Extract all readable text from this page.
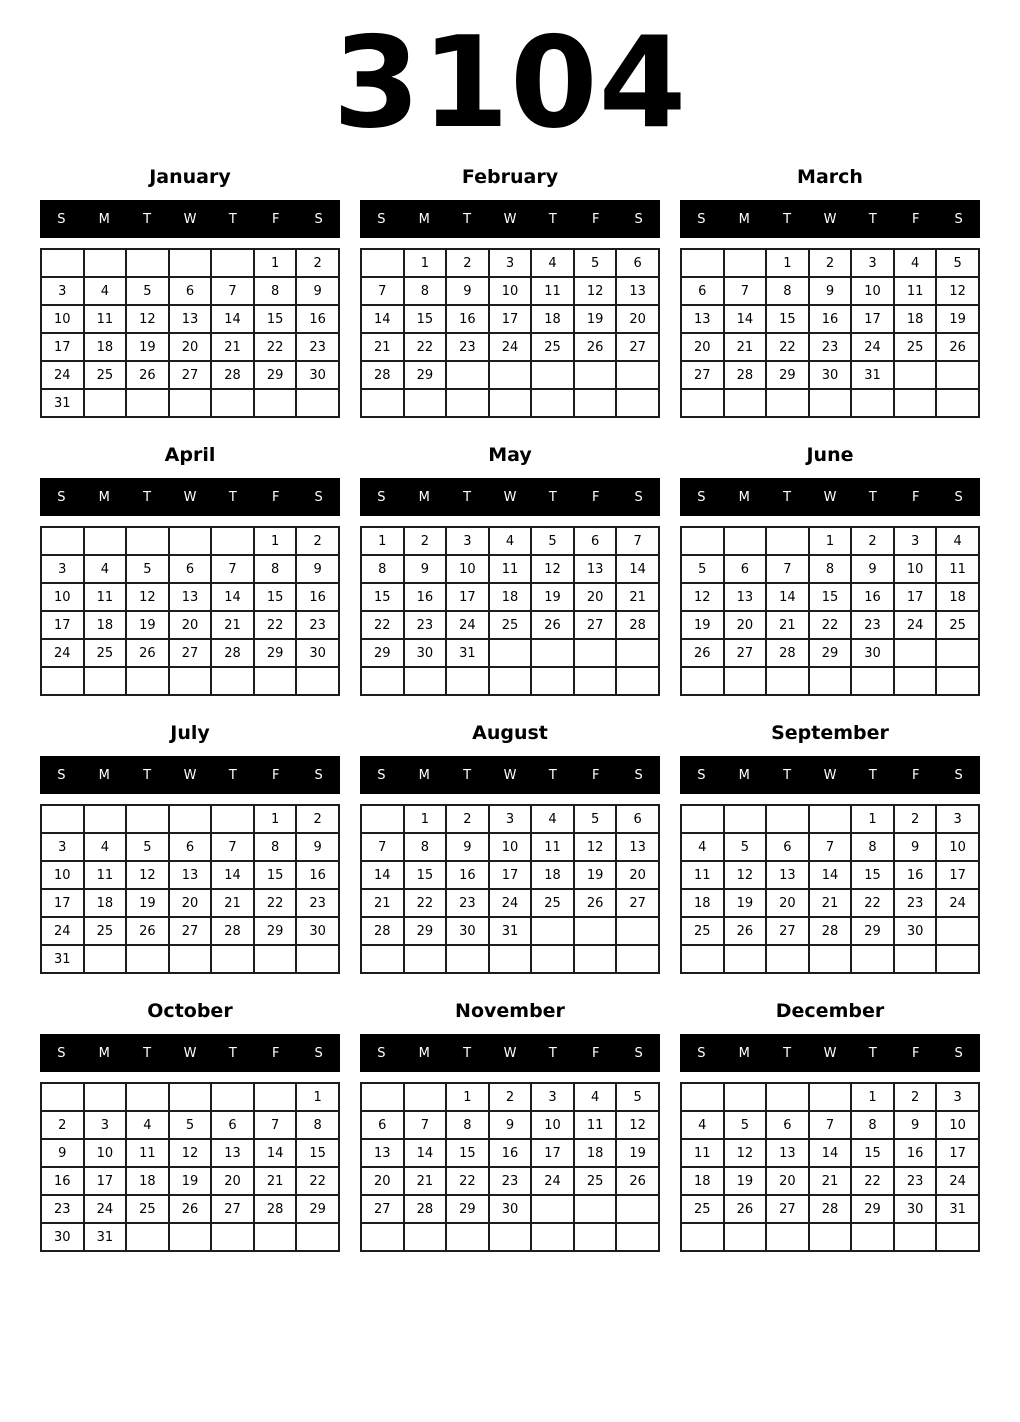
3104
January
S	M	T	W	T	F	S
					1	2
3	4	5	6	7	8	9
10	11	12	13	14	15	16
17	18	19	20	21	22	23
24	25	26	27	28	29	30
31						
February
S	M	T	W	T	F	S
	1	2	3	4	5	6
7	8	9	10	11	12	13
14	15	16	17	18	19	20
21	22	23	24	25	26	27
28	29					

March
S	M	T	W	T	F	S
		1	2	3	4	5
6	7	8	9	10	11	12
13	14	15	16	17	18	19
20	21	22	23	24	25	26
27	28	29	30	31		

April
S	M	T	W	T	F	S
					1	2
3	4	5	6	7	8	9
10	11	12	13	14	15	16
17	18	19	20	21	22	23
24	25	26	27	28	29	30

May
S	M	T	W	T	F	S
1	2	3	4	5	6	7
8	9	10	11	12	13	14
15	16	17	18	19	20	21
22	23	24	25	26	27	28
29	30	31				

June
S	M	T	W	T	F	S
			1	2	3	4
5	6	7	8	9	10	11
12	13	14	15	16	17	18
19	20	21	22	23	24	25
26	27	28	29	30		

July
S	M	T	W	T	F	S
					1	2
3	4	5	6	7	8	9
10	11	12	13	14	15	16
17	18	19	20	21	22	23
24	25	26	27	28	29	30
31						
August
S	M	T	W	T	F	S
	1	2	3	4	5	6
7	8	9	10	11	12	13
14	15	16	17	18	19	20
21	22	23	24	25	26	27
28	29	30	31			

September
S	M	T	W	T	F	S
				1	2	3
4	5	6	7	8	9	10
11	12	13	14	15	16	17
18	19	20	21	22	23	24
25	26	27	28	29	30	

October
S	M	T	W	T	F	S
						1
2	3	4	5	6	7	8
9	10	11	12	13	14	15
16	17	18	19	20	21	22
23	24	25	26	27	28	29
30	31					
November
S	M	T	W	T	F	S
		1	2	3	4	5
6	7	8	9	10	11	12
13	14	15	16	17	18	19
20	21	22	23	24	25	26
27	28	29	30			

December
S	M	T	W	T	F	S
				1	2	3
4	5	6	7	8	9	10
11	12	13	14	15	16	17
18	19	20	21	22	23	24
25	26	27	28	29	30	31
